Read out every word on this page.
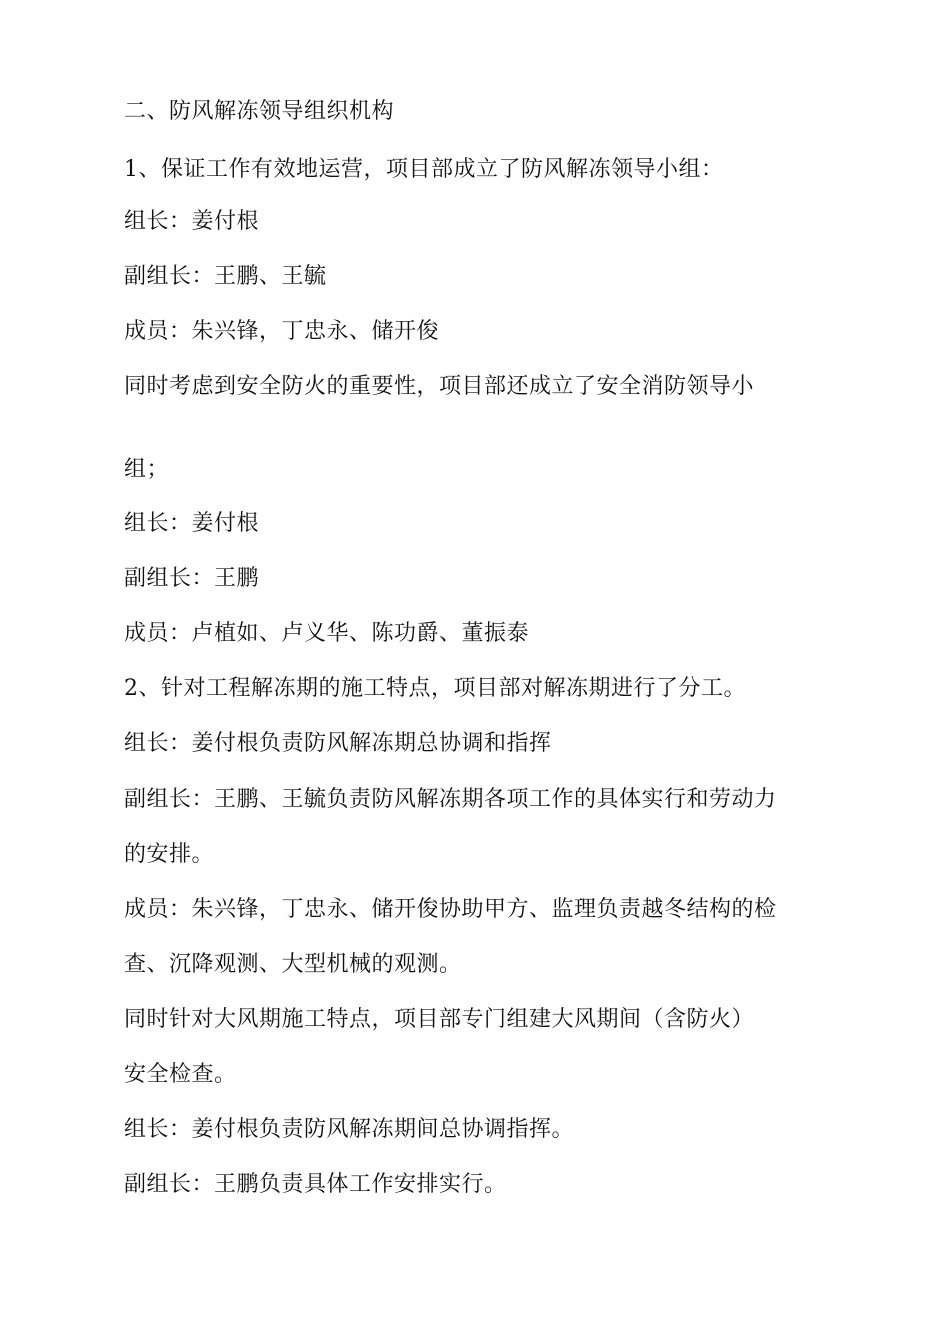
二、防风解冻领导组织机构
1、保证工作有效地运营，项目部成立了防风解冻领导小组：
组长：姜付根
副组长：王鹏、王毓
成员：朱兴锋，丁忠永、储开俊
同时考虑到安全防火的重要性，项目部还成立了安全消防领导小
组；
组长：姜付根
副组长：王鹏
成员：卢植如、卢义华、陈功爵、董振泰
2、针对工程解冻期的施工特点，项目部对解冻期进行了分工。
组长：姜付根负责防风解冻期总协调和指挥
副组长：王鹏、王毓负责防风解冻期各项工作的具体实行和劳动力
的安排。
成员：朱兴锋，丁忠永、储开俊协助甲方、监理负责越冬结构的检
查、沉降观测、大型机械的观测。
同时针对大风期施工特点，项目部专门组建大风期间（含防火）
安全检查。
组长：姜付根负责防风解冻期间总协调指挥。
副组长：王鹏负责具体工作安排实行。
